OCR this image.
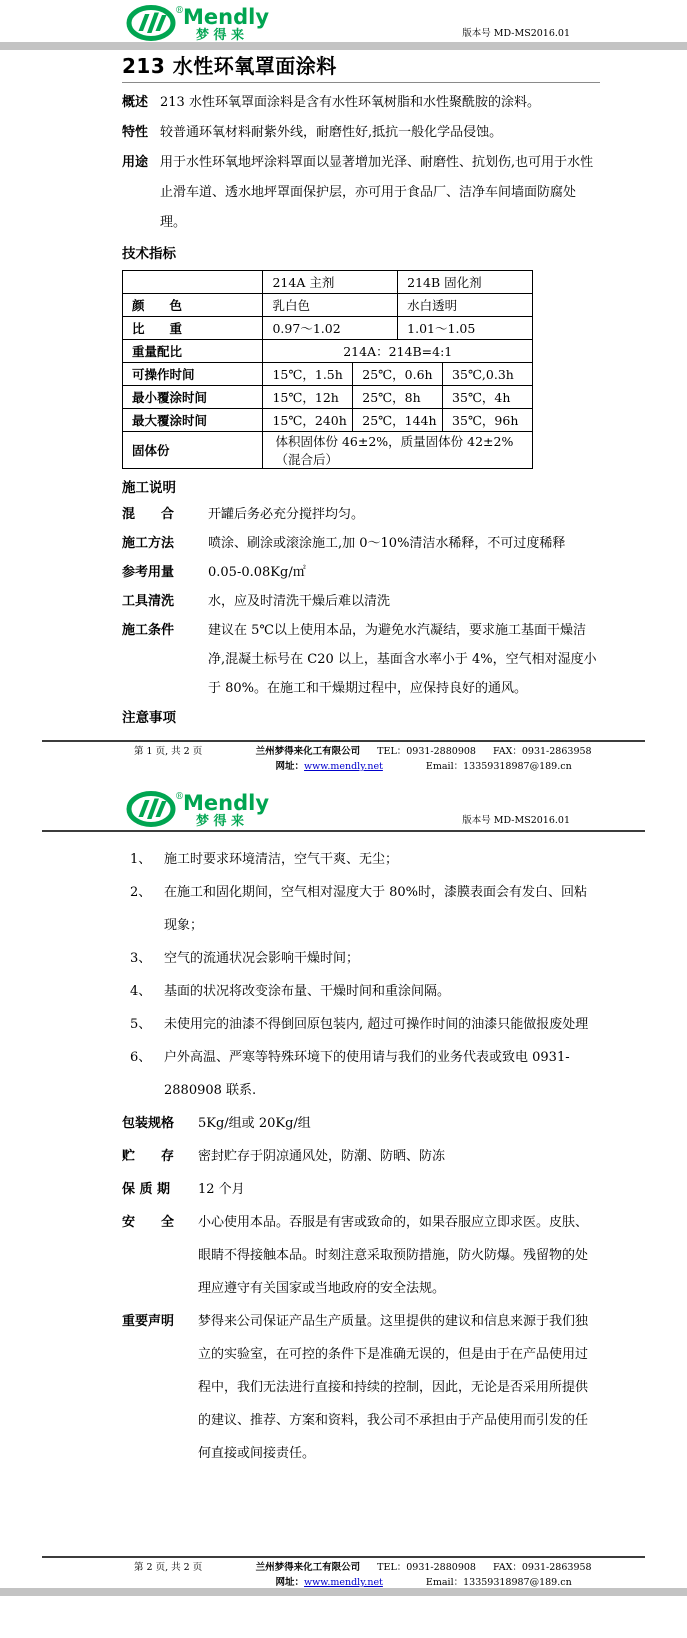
® Mendly
梦 得 来	版本号 MD-MS2016.01
213 水性环氧罩面涂料
概述 213 水性环氧罩面涂料是含有水性环氧树脂和水性聚酰胺的涂料。
特性 较普通环氧材料耐紫外线，耐磨性好,抵抗一般化学品侵蚀。
用途 用于水性环氧地坪涂料罩面以显著增加光泽、耐磨性、抗划伤,也可用于水性止滑车道、透水地坪罩面保护层，亦可用于食品厂、洁净车间墙面防腐处理。
技术指标
	214A 主剂		214B 固化剂	
颜　　色	乳白色		水白透明	
比　　重	0.97～1.02		1.01～1.05	
重量配比	214A：214B=4:1			
可操作时间	15℃，1.5h	25℃，0.6h		35℃,0.3h
最小覆涂时间	15℃，12h	25℃，8h		35℃，4h
最大覆涂时间	15℃，240h	25℃，144h		35℃，96h
固体份	体积固体份 46±2%，质量固体份 42±2%（混合后）			
施工说明
混　　合	开罐后务必充分搅拌均匀。
施工方法	喷涂、刷涂或滚涂施工,加 0～10%清洁水稀释，不可过度稀释
参考用量	0.05-0.08Kg/㎡
工具清洗	水，应及时清洗干燥后难以清洗
施工条件	建议在 5℃以上使用本品，为避免水汽凝结，要求施工基面干燥洁净,混凝土标号在 C20 以上，基面含水率小于 4%，空气相对湿度小于 80%。在施工和干燥期过程中，应保持良好的通风。
注意事项
第 1 页, 共 2 页	兰州梦得来化工有限公司 TEL：0931-2880908 FAX：0931-2863958
网址：www.mendly.net	Email：13359318987@189.cn
® Mendly
梦 得 来	版本号 MD-MS2016.01
1、 施工时要求环境清洁，空气干爽、无尘；
2、 在施工和固化期间，空气相对湿度大于 80%时，漆膜表面会有发白、回粘现象；
3、 空气的流通状况会影响干燥时间；
4、 基面的状况将改变涂布量、干燥时间和重涂间隔。
5、 未使用完的油漆不得倒回原包装内, 超过可操作时间的油漆只能做报废处理
6、 户外高温、严寒等特殊环境下的使用请与我们的业务代表或致电 0931-2880908 联系.
包装规格	5Kg/组或 20Kg/组
贮　　存	密封贮存于阴凉通风处，防潮、防晒、防冻
保 质 期	12 个月
安　　全	小心使用本品。吞服是有害或致命的，如果吞服应立即求医。皮肤、眼睛不得接触本品。时刻注意采取预防措施，防火防爆。残留物的处理应遵守有关国家或当地政府的安全法规。
重要声明	梦得来公司保证产品生产质量。这里提供的建议和信息来源于我们独立的实验室，在可控的条件下是准确无误的，但是由于在产品使用过程中，我们无法进行直接和持续的控制，因此，无论是否采用所提供的建议、推荐、方案和资料，我公司不承担由于产品使用而引发的任何直接或间接责任。
第 2 页, 共 2 页	兰州梦得来化工有限公司 TEL：0931-2880908 FAX：0931-2863958
网址：www.mendly.net	Email：13359318987@189.cn
